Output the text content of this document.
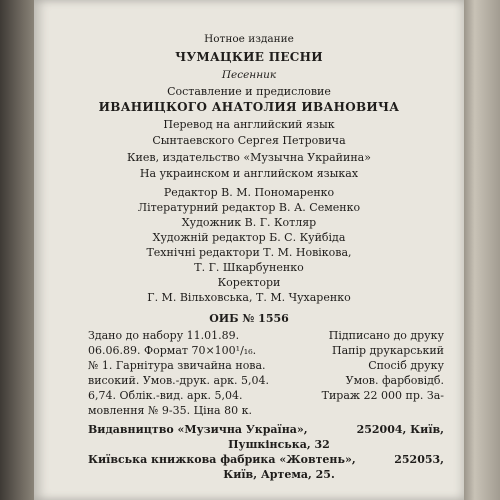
Нотное издание
ЧУМАЦКИЕ ПЕСНИ
Песенник
Составление и предисловие
ИВАНИЦКОГО АНАТОЛИЯ ИВАНОВИЧА
Перевод на английский язык
Сынтаевского Сергея Петровича
Киев, издательство «Музычна Украйина»
На украинском и английском языках
Редактор В. М. Пономаренко
Літературний редактор В. А. Семенко
Художник В. Г. Котляр
Художній редактор Б. С. Куйбіда
Технічні редактори Т. М. Новікова,
Т. Г. Шкарбуненко
Коректори
Г. М. Вільховська, Т. М. Чухаренко
ОИБ № 1556
Здано до набору 11.01.89.	Підписано до друку
06.06.89. Формат 70×100¹/₁₆.	Папір друкарський
№ 1. Гарнітура звичайна нова.	Спосіб друку
високий. Умов.-друк. арк. 5,04.	Умов. фарбовідб.
6,74. Облік.-вид. арк. 5,04.	Тираж 22 000 пр. За-
мовлення № 9-35. Ціна 80 к.
Видавництво «Музична Україна»,	252004, Київ,
Пушкінська, 32
Київська книжкова фабрика «Жовтень»,	252053,
Київ, Артема, 25.
